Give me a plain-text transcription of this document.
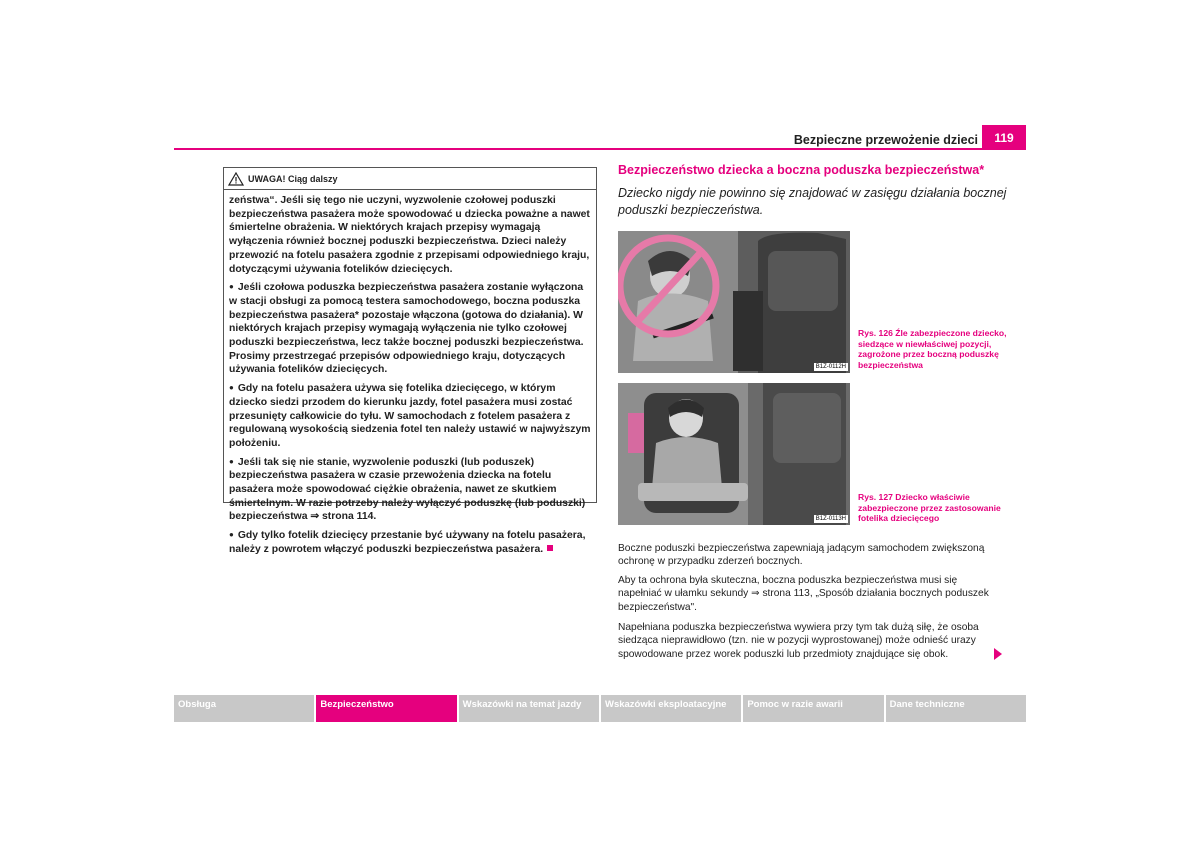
Bezpieczne przewożenie dzieci	119
UWAGA! Ciąg dalszy

zeństwa“. Jeśli się tego nie uczyni, wyzwolenie czołowej poduszki bezpieczeństwa pasażera może spowodować u dziecka poważne a nawet śmiertelne obrażenia. W niektórych krajach przepisy wymagają wyłączenia również bocznej poduszki bezpieczeństwa. Dzieci należy przewozić na fotelu pasażera zgodnie z przepisami odpowiedniego kraju, dotyczącymi używania fotelików dziecięcych.

● Jeśli czołowa poduszka bezpieczeństwa pasażera zostanie wyłączona w stacji obsługi za pomocą testera samochodowego, boczna poduszka bezpieczeństwa pasażera* pozostaje włączona (gotowa do działania). W niektórych krajach przepisy wymagają wyłączenia nie tylko czołowej poduszki bezpieczeństwa, lecz także bocznej poduszki bezpieczeństwa. Prosimy przestrzegać przepisów odpowiedniego kraju, dotyczących używania fotelików dziecięcych.

● Gdy na fotelu pasażera używa się fotelika dziecięcego, w którym dziecko siedzi przodem do kierunku jazdy, fotel pasażera musi zostać przesunięty całkowicie do tyłu. W samochodach z fotelem pasażera z regulowaną wysokością siedzenia fotel ten należy ustawić w najwyższym położeniu.

● Jeśli tak się nie stanie, wyzwolenie poduszki (lub poduszek) bezpieczeństwa pasażera w czasie przewożenia dziecka na fotelu pasażera może spowodować ciężkie obrażenia, nawet ze skutkiem śmiertelnym. W razie potrzeby należy wyłączyć poduszkę (lub poduszki) bezpieczeństwa ⇒ strona 114.

● Gdy tylko fotelik dziecięcy przestanie być używany na fotelu pasażera, należy z powrotem włączyć poduszki bezpieczeństwa pasażera.

Bezpieczeństwo dziecka a boczna poduszka bezpieczeństwa*
Dziecko nigdy nie powinno się znajdować w zasięgu działania bocznej poduszki bezpieczeństwa.
B1Z-0112H
Rys. 126 Źle zabezpieczone dziecko, siedzące w niewłaściwej pozycji, zagrożone przez boczną poduszkę bezpieczeństwa
B1Z-0113H
Rys. 127 Dziecko właściwie zabezpieczone przez zastosowanie fotelika dziecięcego

Boczne poduszki bezpieczeństwa zapewniają jadącym samochodem zwiększoną ochronę w przypadku zderzeń bocznych.

Aby ta ochrona była skuteczna, boczna poduszka bezpieczeństwa musi się napełniać w ułamku sekundy ⇒ strona 113, „Sposób działania bocznych poduszek bezpieczeństwa".

Napełniana poduszka bezpieczeństwa wywiera przy tym tak dużą siłę, że osoba siedząca nieprawidłowo (tzn. nie w pozycji wyprostowanej) może odnieść urazy spowodowane przez worek poduszki lub przedmioty znajdujące się obok.

Obsługa	Bezpieczeństwo	Wskazówki na temat jazdy	Wskazówki eksploatacyjne	Pomoc w razie awarii	Dane techniczne
